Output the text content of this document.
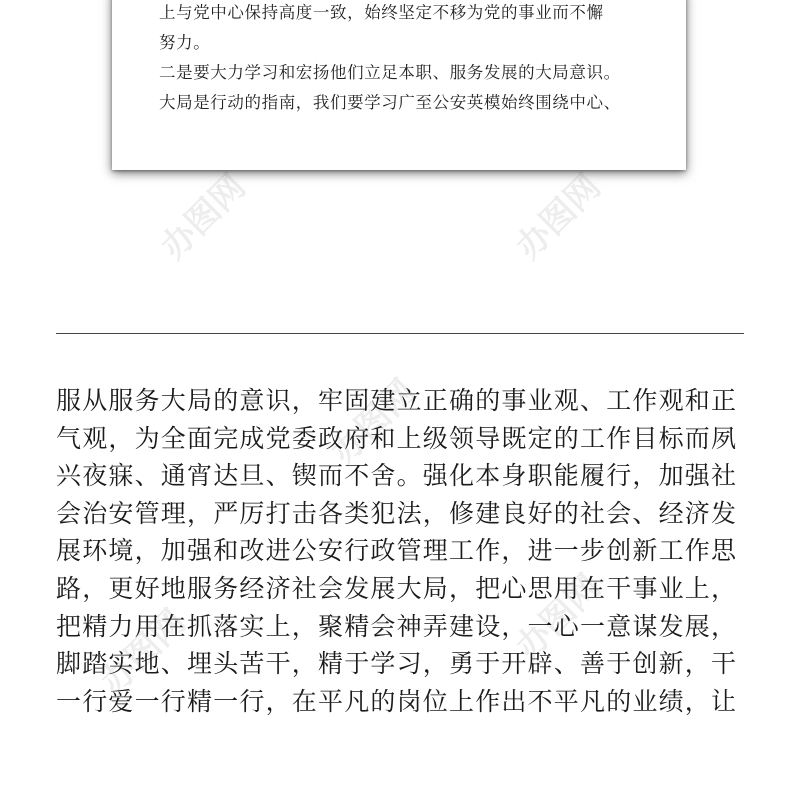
上与党中心保持高度一致，始终坚定不移为党的事业而不懈
努力。
二是要大力学习和宏扬他们立足本职、服务发展的大局意识。
大局是行动的指南，我们要学习广至公安英模始终围绕中心、
办图网	办图网
办图网
办图网	办图网
服从服务大局的意识，牢固建立正确的事业观、工作观和正
气观，为全面完成党委政府和上级领导既定的工作目标而夙
兴夜寐、通宵达旦、锲而不舍。强化本身职能履行，加强社
会治安管理，严厉打击各类犯法，修建良好的社会、经济发
展环境，加强和改进公安行政管理工作，进一步创新工作思
路，更好地服务经济社会发展大局，把心思用在干事业上，
把精力用在抓落实上，聚精会神弄建设，一心一意谋发展，
脚踏实地、埋头苦干，精于学习，勇于开辟、善于创新，干
一行爱一行精一行，在平凡的岗位上作出不平凡的业绩，让
